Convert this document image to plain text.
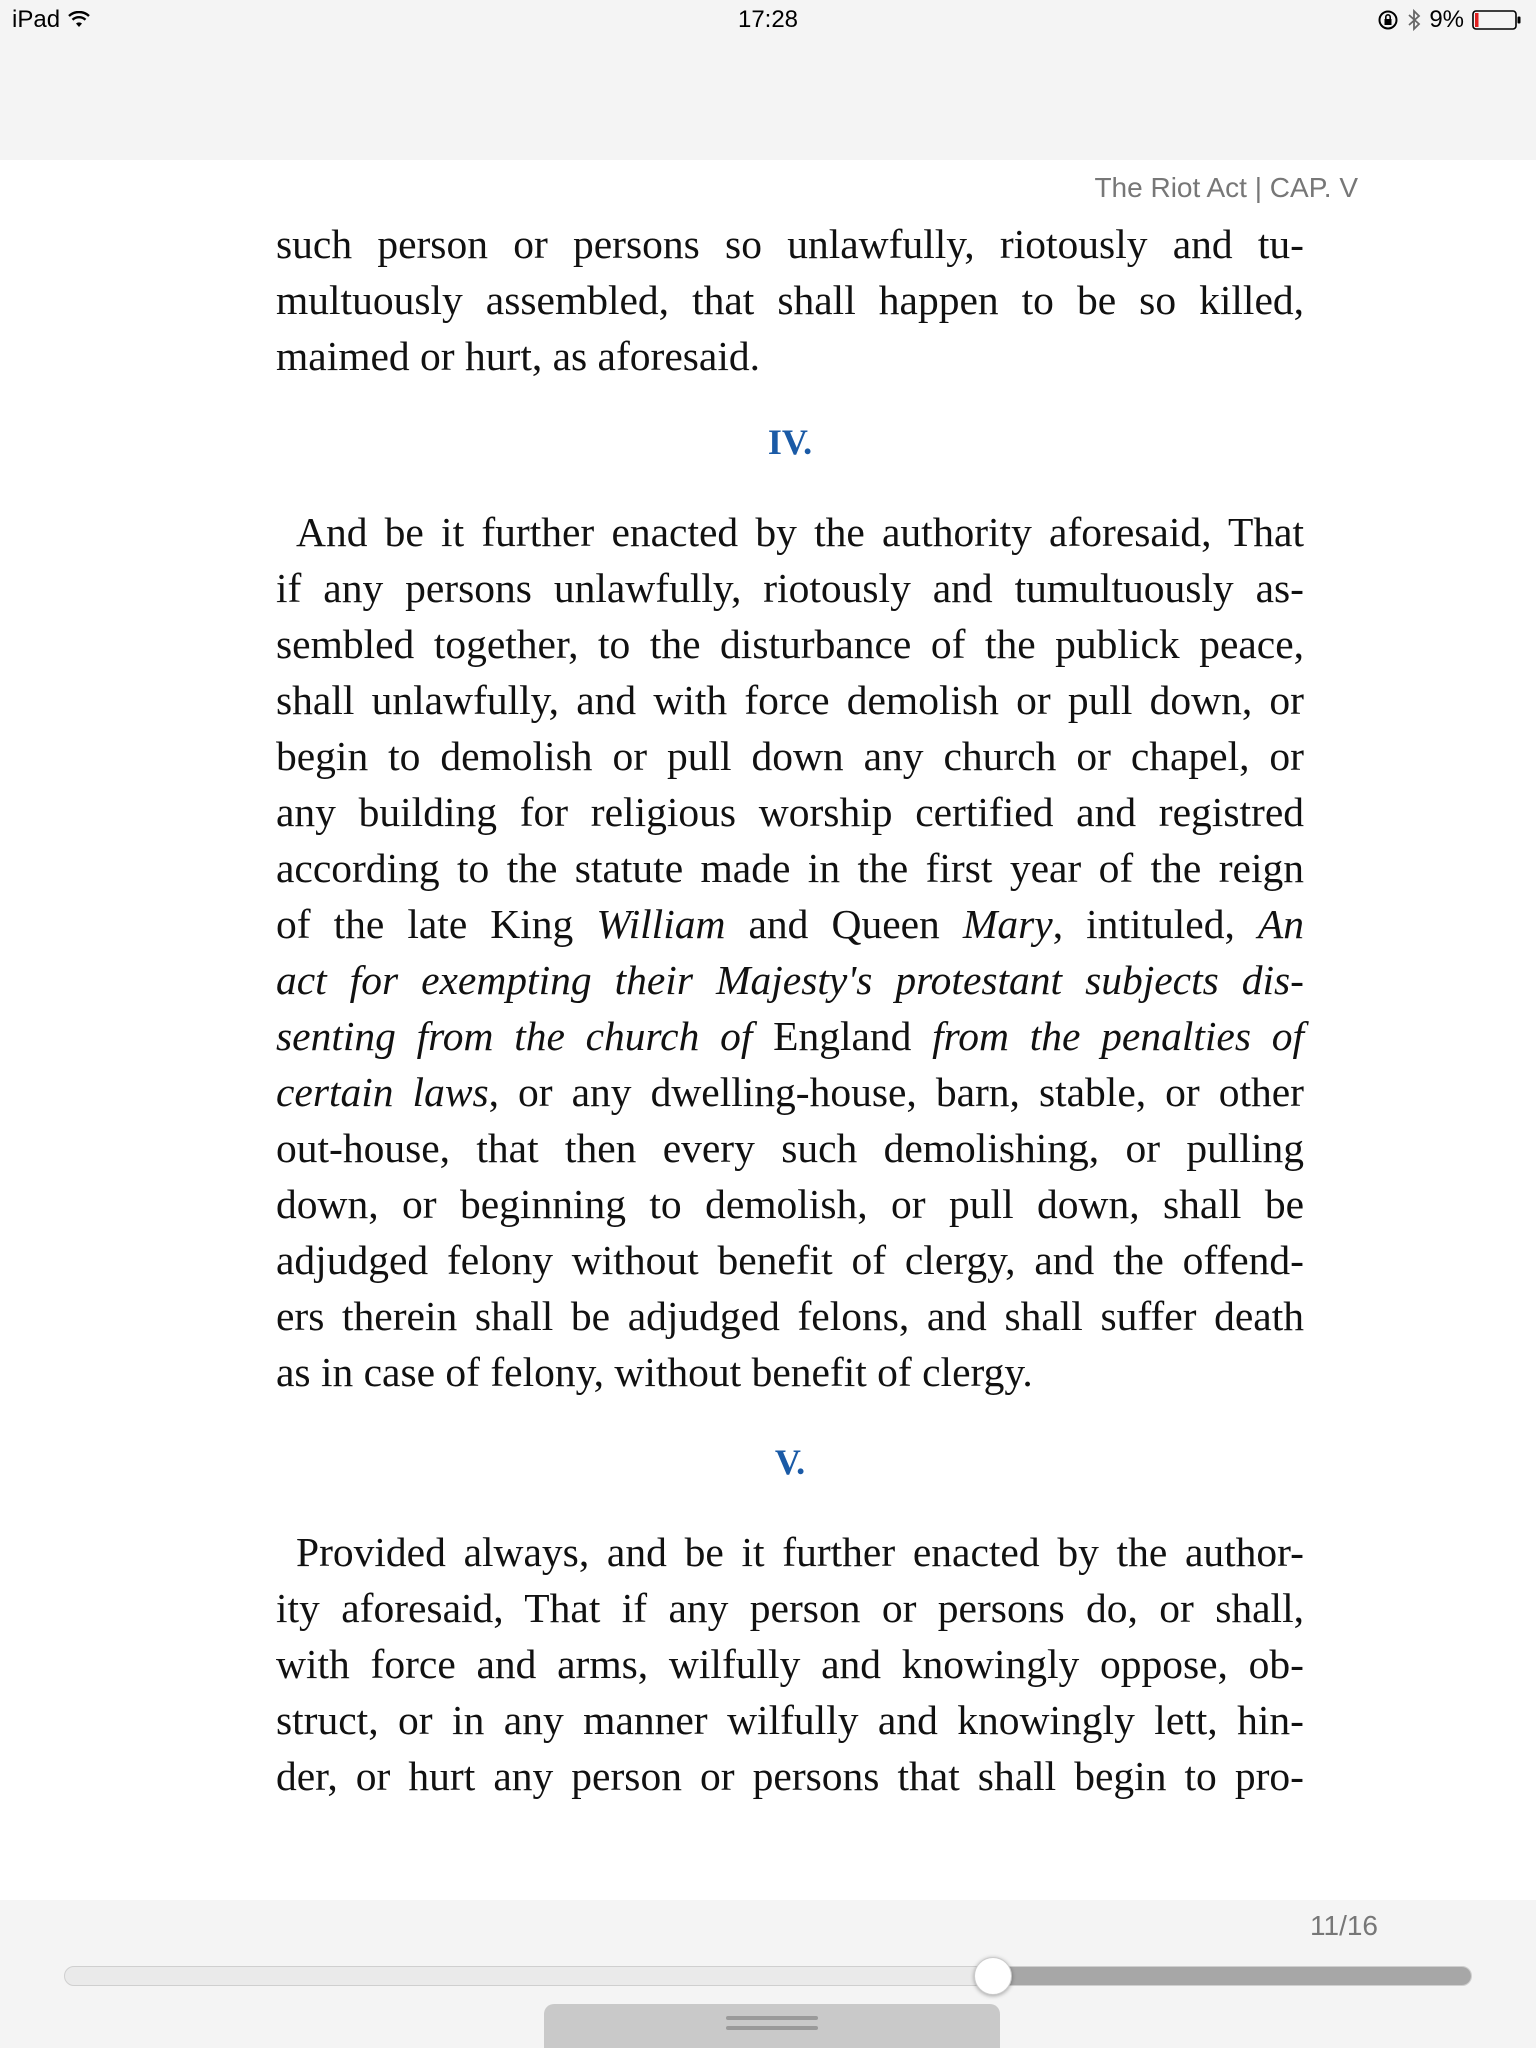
iPad	17:28	9%
The Riot Act | CAP. V

such person or persons so unlawfully, riotously and tu-
multuously assembled, that shall happen to be so killed,
maimed or hurt, as aforesaid.

IV.

And be it further enacted by the authority aforesaid, That
if any persons unlawfully, riotously and tumultuously as-
sembled together, to the disturbance of the publick peace,
shall unlawfully, and with force demolish or pull down, or
begin to demolish or pull down any church or chapel, or
any building for religious worship certified and registred
according to the statute made in the first year of the reign
of the late King William and Queen Mary, intituled, An
act for exempting their Majesty's protestant subjects dis-
senting from the church of England from the penalties of
certain laws, or any dwelling-house, barn, stable, or other
out-house, that then every such demolishing, or pulling
down, or beginning to demolish, or pull down, shall be
adjudged felony without benefit of clergy, and the offend-
ers therein shall be adjudged felons, and shall suffer death
as in case of felony, without benefit of clergy.

V.

Provided always, and be it further enacted by the author-
ity aforesaid, That if any person or persons do, or shall,
with force and arms, wilfully and knowingly oppose, ob-
struct, or in any manner wilfully and knowingly lett, hin-
der, or hurt any person or persons that shall begin to pro-

11/16
